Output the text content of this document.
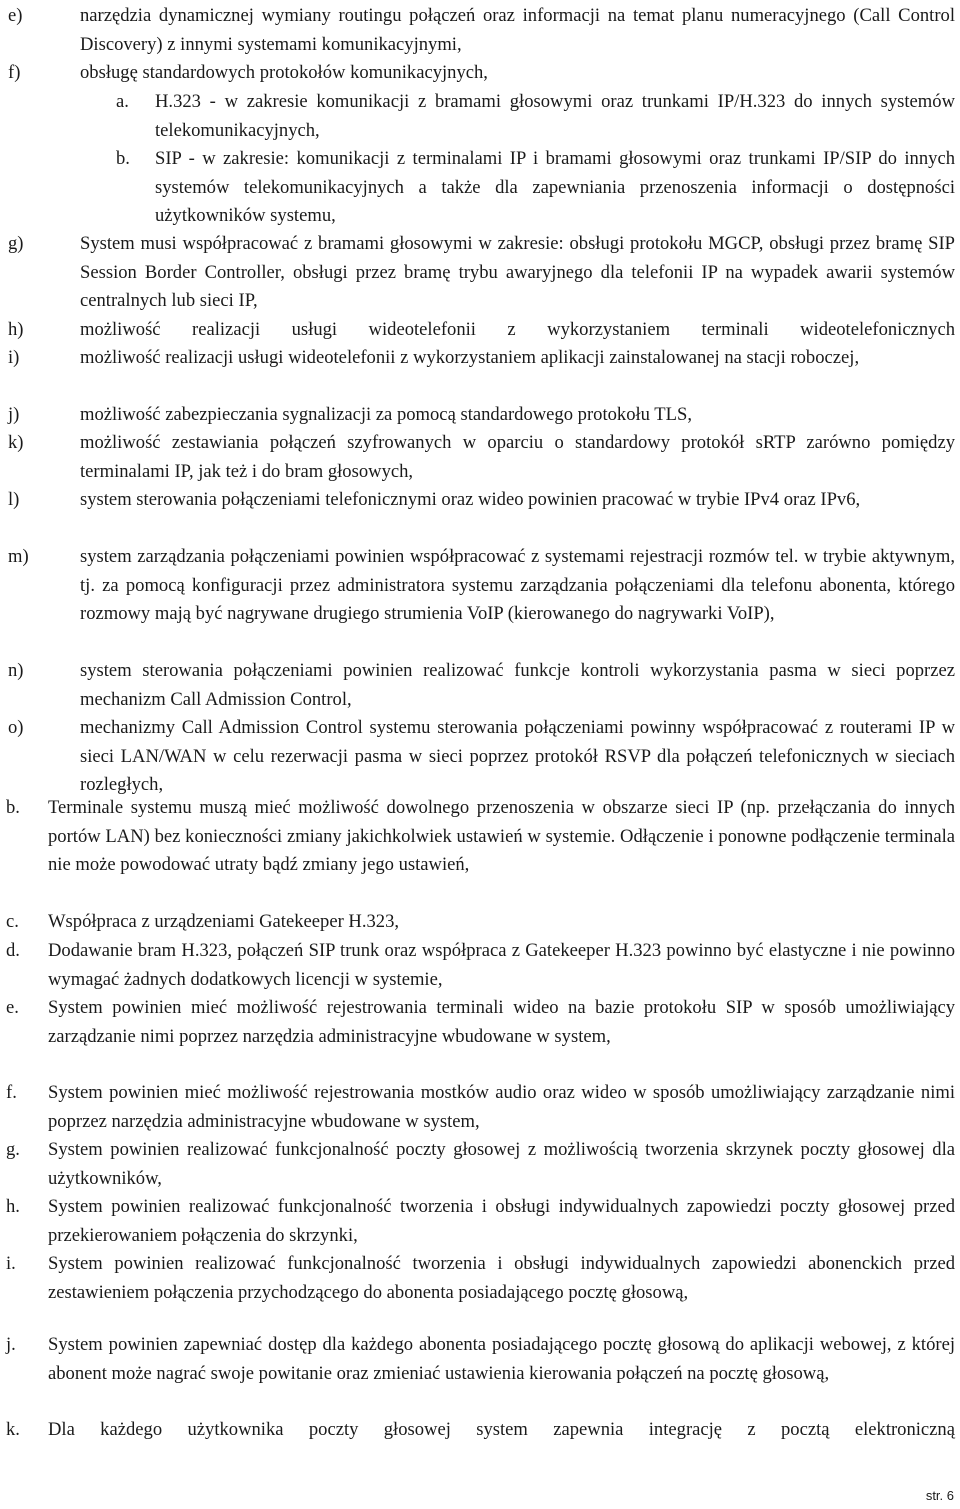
e)	narzędzia dynamicznej wymiany routingu połączeń oraz informacji na temat planu numeracyjnego (Call Control Discovery) z innymi systemami komunikacyjnymi,
f)	obsługę standardowych protokołów komunikacyjnych,
a. H.323 - w zakresie komunikacji z bramami głosowymi oraz trunkami IP/H.323 do innych systemów telekomunikacyjnych,
b. SIP - w zakresie: komunikacji z terminalami IP i bramami głosowymi oraz trunkami IP/SIP do innych systemów telekomunikacyjnych a także dla zapewniania przenoszenia informacji o dostępności użytkowników systemu,
g)	System musi współpracować z bramami głosowymi w zakresie: obsługi protokołu MGCP, obsługi przez bramę SIP Session Border Controller, obsługi przez bramę trybu awaryjnego dla telefonii IP na wypadek awarii systemów centralnych lub sieci IP,
h)	możliwość realizacji usługi wideotelefonii z wykorzystaniem terminali wideotelefonicznych
i)	możliwość realizacji usługi wideotelefonii z wykorzystaniem aplikacji zainstalowanej na stacji roboczej,
j)	możliwość zabezpieczania sygnalizacji za pomocą standardowego protokołu TLS,
k)	możliwość zestawiania połączeń szyfrowanych w oparciu o standardowy protokół sRTP zarówno pomiędzy terminalami IP, jak też i do bram głosowych,
l)	system sterowania połączeniami telefonicznymi oraz wideo powinien pracować w trybie IPv4 oraz IPv6,
m)	system zarządzania połączeniami powinien współpracować z systemami rejestracji rozmów tel. w trybie aktywnym, tj. za pomocą konfiguracji przez administratora systemu zarządzania połączeniami dla telefonu abonenta, którego rozmowy mają być nagrywane drugiego strumienia VoIP (kierowanego do nagrywarki VoIP),
n)	system sterowania połączeniami powinien realizować funkcje kontroli wykorzystania pasma w sieci poprzez mechanizm Call Admission Control,
o)	mechanizmy Call Admission Control systemu sterowania połączeniami powinny współpracować z routerami IP w sieci LAN/WAN w celu rezerwacji pasma w sieci poprzez protokół RSVP dla połączeń telefonicznych w sieciach rozległych,
b. Terminale systemu muszą mieć możliwość dowolnego przenoszenia w obszarze sieci IP (np. przełączania do innych portów LAN) bez konieczności zmiany jakichkolwiek ustawień w systemie. Odłączenie i ponowne podłączenie terminala nie może powodować utraty bądź zmiany jego ustawień,
c. Współpraca z urządzeniami Gatekeeper H.323,
d. Dodawanie bram H.323, połączeń SIP trunk oraz współpraca z Gatekeeper H.323 powinno być elastyczne i nie powinno wymagać żadnych dodatkowych licencji w systemie,
e. System powinien mieć możliwość rejestrowania terminali wideo na bazie protokołu SIP w sposób umożliwiający zarządzanie nimi poprzez narzędzia administracyjne wbudowane w system,
f. System powinien mieć możliwość rejestrowania mostków audio oraz wideo w sposób umożliwiający zarządzanie nimi poprzez narzędzia administracyjne wbudowane w system,
g. System powinien realizować funkcjonalność poczty głosowej z możliwością tworzenia skrzynek poczty głosowej dla użytkowników,
h. System powinien realizować funkcjonalność tworzenia i obsługi indywidualnych zapowiedzi poczty głosowej przed przekierowaniem połączenia do skrzynki,
i. System powinien realizować funkcjonalność tworzenia i obsługi indywidualnych zapowiedzi abonenckich przed zestawieniem połączenia przychodzącego do abonenta posiadającego pocztę głosową,
j. System powinien zapewniać dostęp dla każdego abonenta posiadającego pocztę głosową do aplikacji webowej, z której abonent może nagrać swoje powitanie oraz zmieniać ustawienia kierowania połączeń na pocztę głosową,
k. Dla każdego użytkownika poczty głosowej system zapewnia integrację z pocztą elektroniczną
str. 6
